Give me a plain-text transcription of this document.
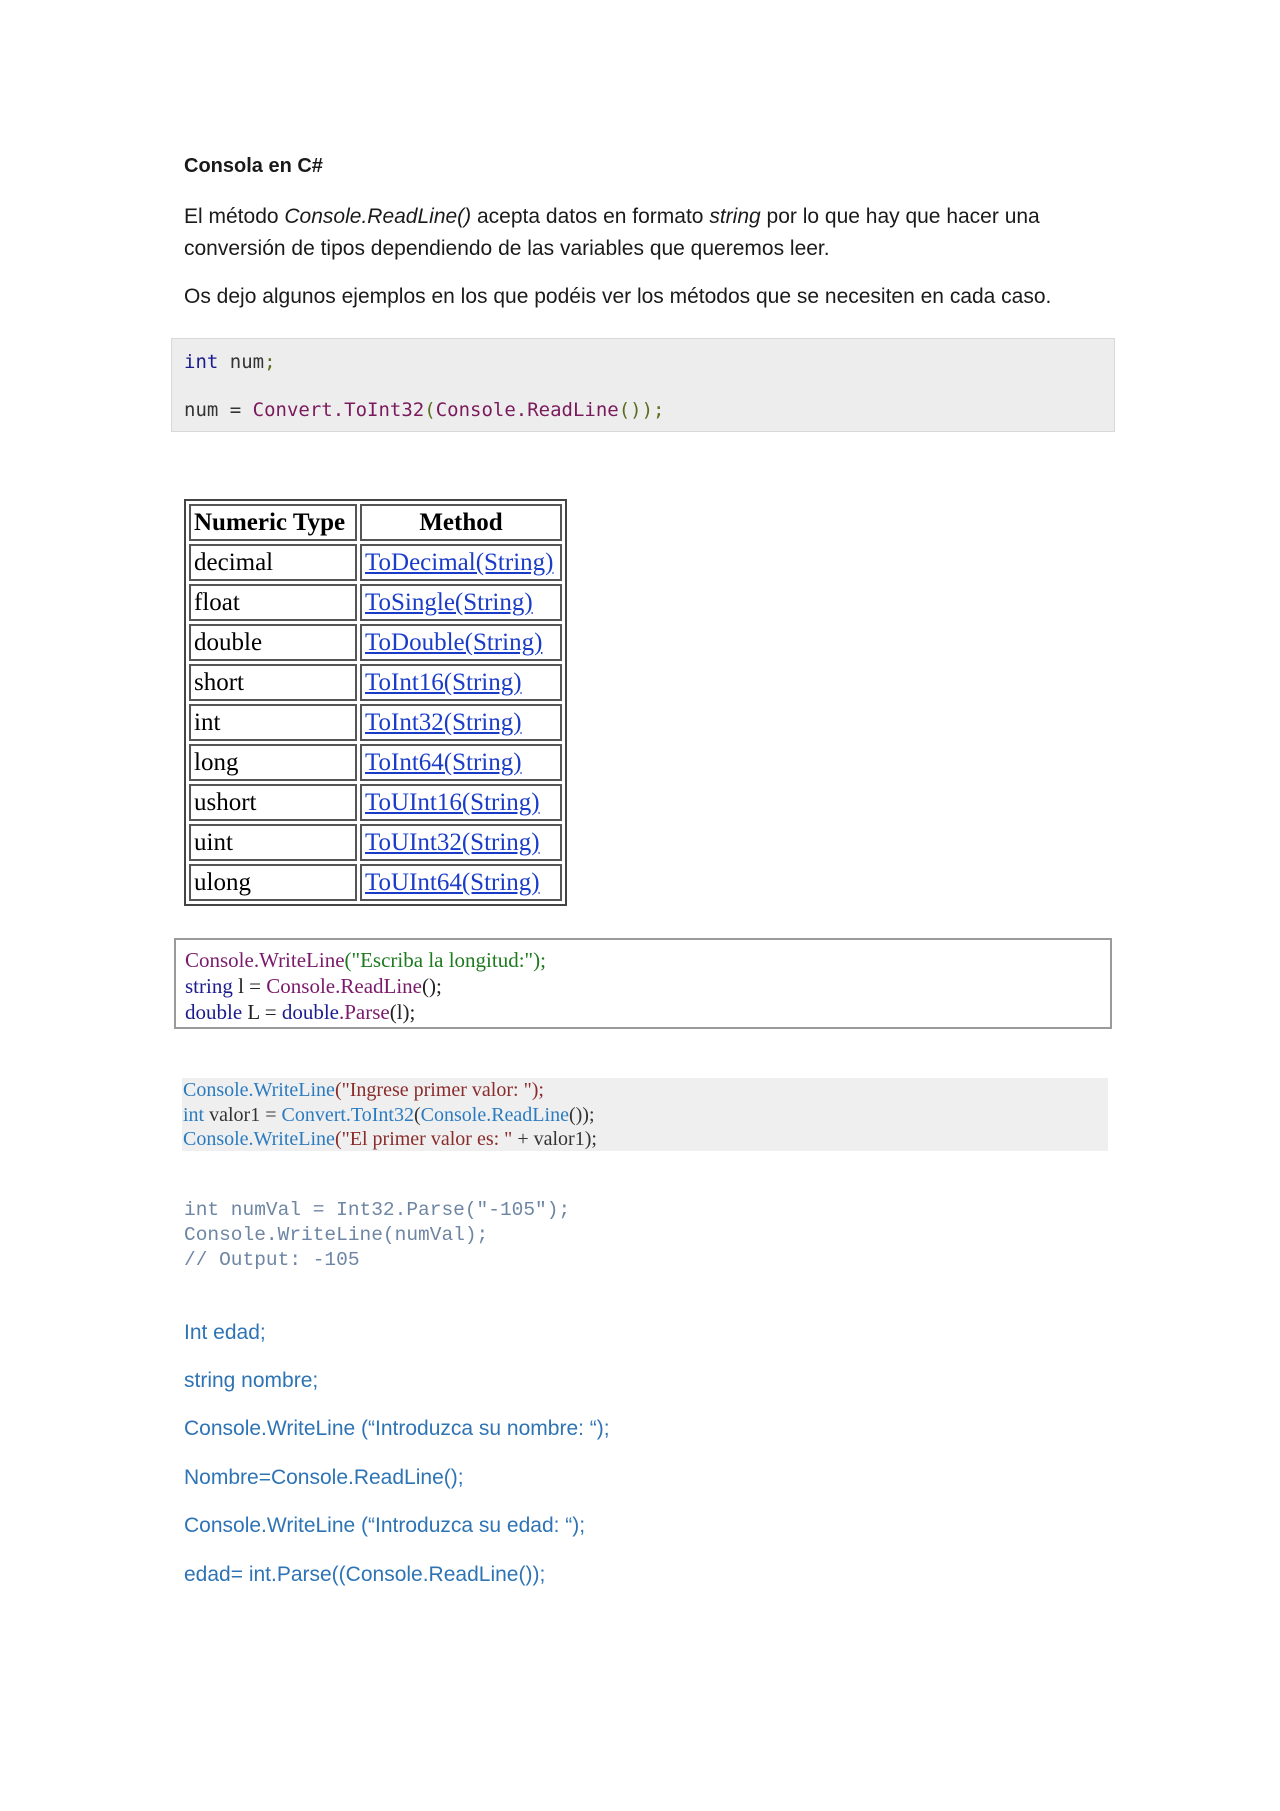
Consola en C#
El método Console.ReadLine() acepta datos en formato string por lo que hay que hacer una
conversión de tipos dependiendo de las variables que queremos leer.
Os dejo algunos ejemplos en los que podéis ver los métodos que se necesiten en cada caso.
int num;
num = Convert.ToInt32(Console.ReadLine());
Numeric Type	Method
decimal	ToDecimal(String)
float	ToSingle(String)
double	ToDouble(String)
short	ToInt16(String)
int	ToInt32(String)
long	ToInt64(String)
ushort	ToUInt16(String)
uint	ToUInt32(String)
ulong	ToUInt64(String)
Console.WriteLine("Escriba la longitud:");
string l = Console.ReadLine();
double L = double.Parse(l);
Console.WriteLine("Ingrese primer valor: ");
int valor1 = Convert.ToInt32(Console.ReadLine());
Console.WriteLine("El primer valor es: " + valor1);
int numVal = Int32.Parse("-105");
Console.WriteLine(numVal);
// Output: -105
Int edad;
string nombre;
Console.WriteLine (“Introduzca su nombre: “);
Nombre=Console.ReadLine();
Console.WriteLine (“Introduzca su edad: “);
edad= int.Parse((Console.ReadLine());
